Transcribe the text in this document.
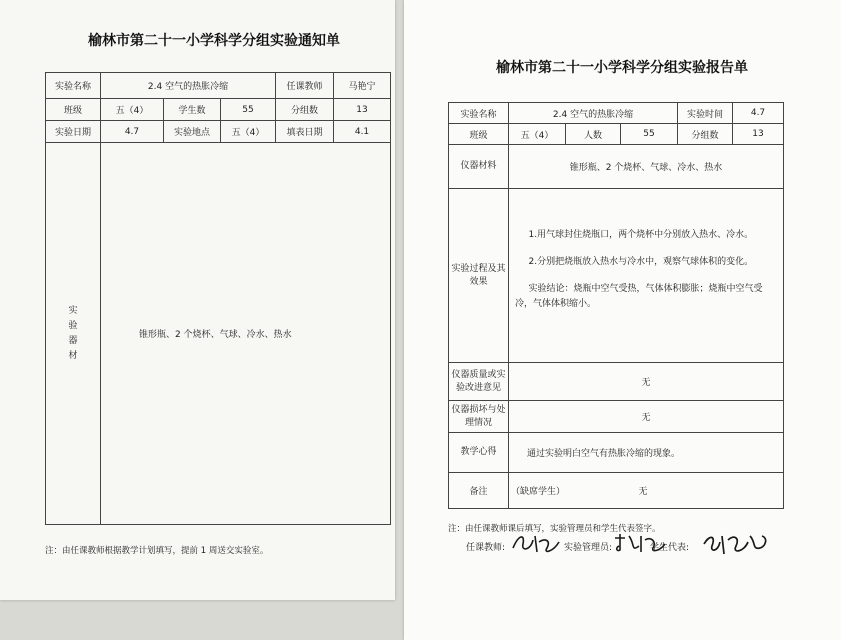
榆林市第二十一小学科学分组实验通知单
实验名称	2.4 空气的热胀冷缩			任课教师	马艳宁
班级	五（4）	学生数	55	分组数	13
实验日期	4.7	实验地点	五（4）	填表日期	4.1
实验器材	锥形瓶、2 个烧杯、气球、冷水、热水				
注：由任课教师根据教学计划填写，提前 1 周送交实验室。
榆林市第二十一小学科学分组实验报告单
实验名称	2.4 空气的热胀冷缩			实验时间	4.7
班级	五（4）	人数	55	分组数	13
仪器材料	锥形瓶、2 个烧杯、气球、冷水、热水				
实验过程及其效果	1.用气球封住烧瓶口，两个烧杯中分别放入热水、冷水。

2.分别把烧瓶放入热水与冷水中，观察气球体积的变化。

实验结论：烧瓶中空气受热，气体体积膨胀；烧瓶中空气受冷，气体体积缩小。				

仪器质量或实验改进意见	无				
仪器损坏与处理情况	无				
教学心得	通过实验明白空气有热胀冷缩的现象。				
备注	（缺席学生） 无				
注：由任课教师课后填写，实验管理员和学生代表签字。
任课教师:	实验管理员:	学生代表:
